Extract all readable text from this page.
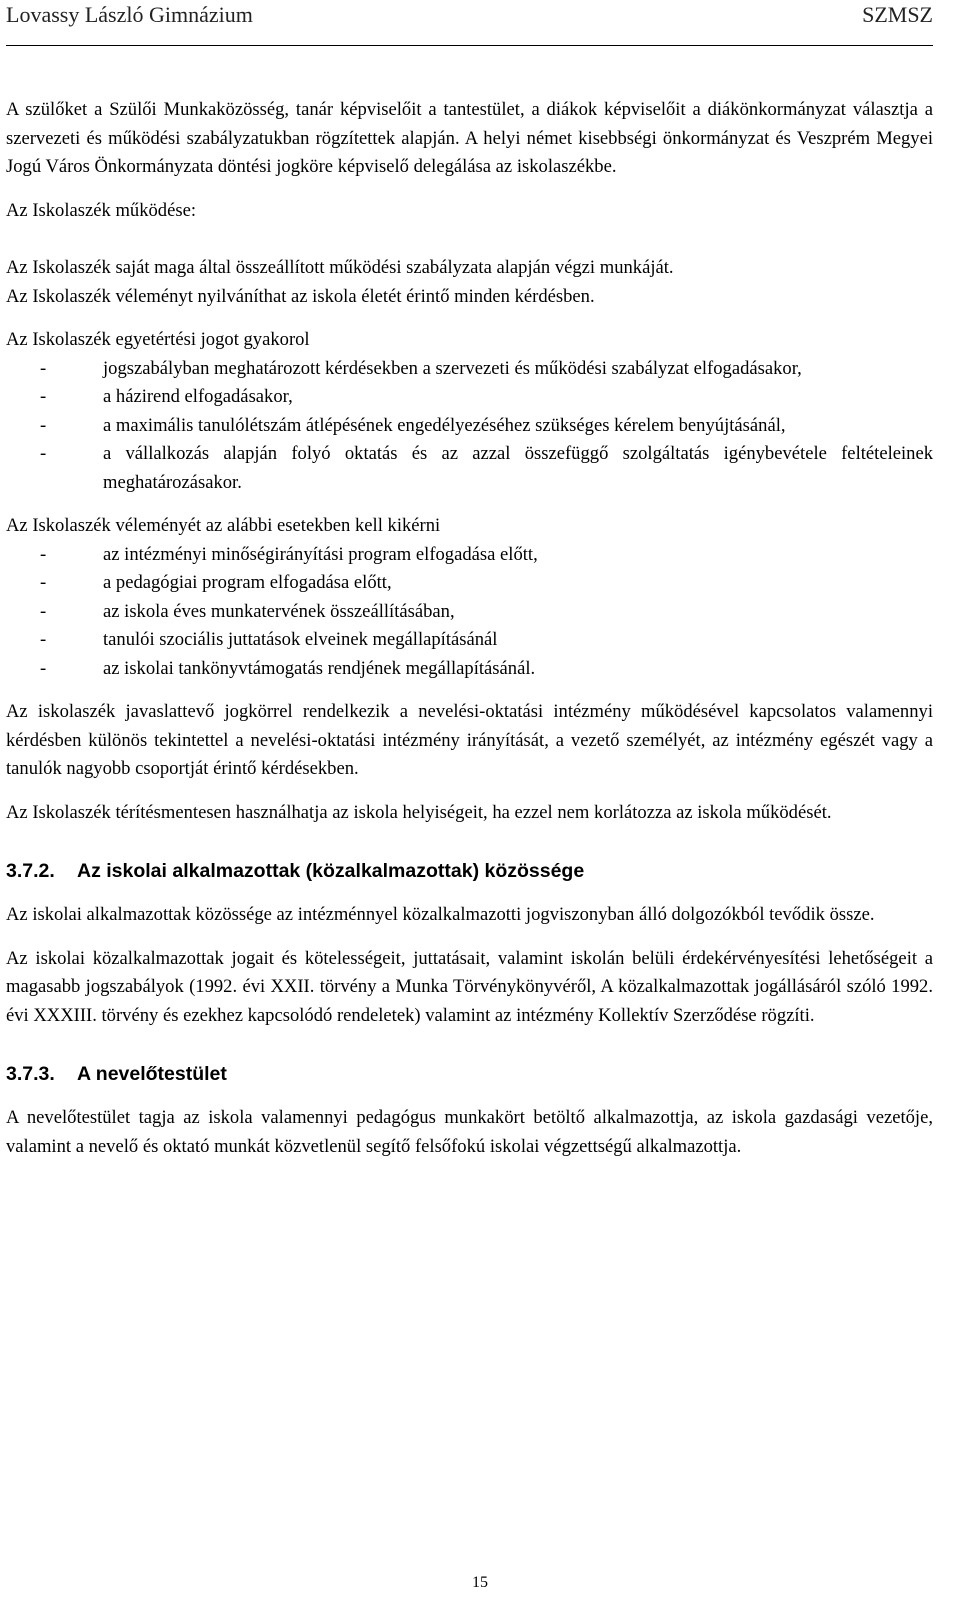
Lovassy László Gimnázium	SZMSZ

A szülőket a Szülői Munkaközösség, tanár képviselőit a tantestület, a diákok képviselőit a diákönkormányzat választja a szervezeti és működési szabályzatukban rögzítettek alapján. A helyi német kisebbségi önkormányzat és Veszprém Megyei Jogú Város Önkormányzata döntési jogköre képviselő delegálása az iskolaszékbe.

Az Iskolaszék működése:

Az Iskolaszék saját maga által összeállított működési szabályzata alapján végzi munkáját.

Az Iskolaszék véleményt nyilváníthat az iskola életét érintő minden kérdésben.

Az Iskolaszék egyetértési jogot gyakorol

-	jogszabályban meghatározott kérdésekben a szervezeti és működési szabályzat elfogadásakor,
-	a házirend elfogadásakor,
-	a maximális tanulólétszám átlépésének engedélyezéséhez szükséges kérelem benyújtásánál,
-	a vállalkozás alapján folyó oktatás és az azzal összefüggő szolgáltatás igénybevétele feltételeinek meghatározásakor.

Az Iskolaszék véleményét az alábbi esetekben kell kikérni

-	az intézményi minőségirányítási program elfogadása előtt,
-	a pedagógiai program elfogadása előtt,
-	az iskola éves munkatervének összeállításában,
-	tanulói szociális juttatások elveinek megállapításánál
-	az iskolai tankönyvtámogatás rendjének megállapításánál.

Az iskolaszék javaslattevő jogkörrel rendelkezik a nevelési-oktatási intézmény működésével kapcsolatos valamennyi kérdésben különös tekintettel a nevelési-oktatási intézmény irányítását, a vezető személyét, az intézmény egészét vagy a tanulók nagyobb csoportját érintő kérdésekben.

Az Iskolaszék térítésmentesen használhatja az iskola helyiségeit, ha ezzel nem korlátozza az iskola működését.

3.7.2. Az iskolai alkalmazottak (közalkalmazottak) közössége

Az iskolai alkalmazottak közössége az intézménnyel közalkalmazotti jogviszonyban álló dolgozókból tevődik össze.

Az iskolai közalkalmazottak jogait és kötelességeit, juttatásait, valamint iskolán belüli érdekérvényesítési lehetőségeit a magasabb jogszabályok (1992. évi XXII. törvény a Munka Törvénykönyvéről, A közalkalmazottak jogállásáról szóló 1992. évi XXXIII. törvény és ezekhez kapcsolódó rendeletek) valamint az intézmény Kollektív Szerződése rögzíti.

3.7.3. A nevelőtestület

A nevelőtestület tagja az iskola valamennyi pedagógus munkakört betöltő alkalmazottja, az iskola gazdasági vezetője, valamint a nevelő és oktató munkát közvetlenül segítő felsőfokú iskolai végzettségű alkalmazottja.

15
